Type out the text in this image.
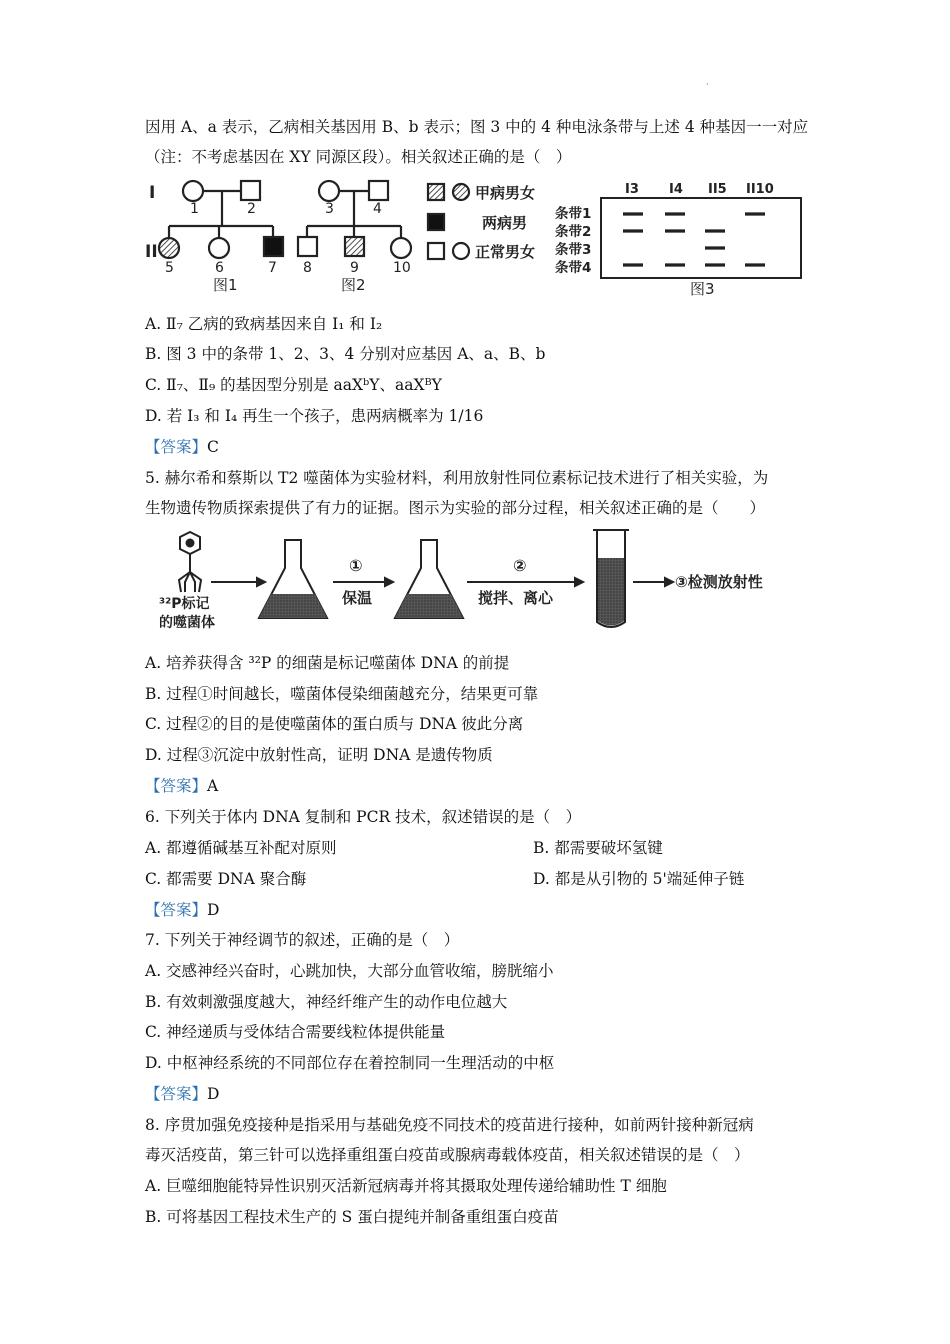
ʻ
因用 A、a 表示，乙病相关基因用 B、b 表示；图 3 中的 4 种电泳条带与上述 4 种基因一一对应
（注：不考虑基因在 XY 同源区段）。相关叙述正确的是（　）
I
II
1	2
5	6	7
图1
3	4
8	9 10
图2
甲病男女
两病男
正常男女
I3 I4 II5 II10
条带1
条带2
条带3
条带4
图3
A. Ⅱ₇ 乙病的致病基因来自 I₁ 和 I₂
B. 图 3 中的条带 1、2、3、4 分别对应基因 A、a、B、b
C. Ⅱ₇、Ⅱ₉ 的基因型分别是 aaXᵇY、aaXᴮY
D. 若 I₃ 和 I₄ 再生一个孩子，患两病概率为 1/16
【答案】C
5. 赫尔希和蔡斯以 T2 噬菌体为实验材料，利用放射性同位素标记技术进行了相关实验，为
生物遗传物质探索提供了有力的证据。图示为实验的部分过程，相关叙述正确的是（　　）
³²P标记
的噬菌体
①
保温
②
搅拌、离心
③检测放射性
A. 培养获得含 ³²P 的细菌是标记噬菌体 DNA 的前提
B. 过程①时间越长，噬菌体侵染细菌越充分，结果更可靠
C. 过程②的目的是使噬菌体的蛋白质与 DNA 彼此分离
D. 过程③沉淀中放射性高，证明 DNA 是遗传物质
【答案】A
6. 下列关于体内 DNA 复制和 PCR 技术，叙述错误的是（　）
A. 都遵循碱基互补配对原则	B. 都需要破坏氢键
C. 都需要 DNA 聚合酶	D. 都是从引物的 5'端延伸子链
【答案】D
7. 下列关于神经调节的叙述，正确的是（　）
A. 交感神经兴奋时，心跳加快，大部分血管收缩，膀胱缩小
B. 有效刺激强度越大，神经纤维产生的动作电位越大
C. 神经递质与受体结合需要线粒体提供能量
D. 中枢神经系统的不同部位存在着控制同一生理活动的中枢
【答案】D
8. 序贯加强免疫接种是指采用与基础免疫不同技术的疫苗进行接种，如前两针接种新冠病
毒灭活疫苗，第三针可以选择重组蛋白疫苗或腺病毒载体疫苗，相关叙述错误的是（　）
A. 巨噬细胞能特异性识别灭活新冠病毒并将其摄取处理传递给辅助性 T 细胞
B. 可将基因工程技术生产的 S 蛋白提纯并制备重组蛋白疫苗
